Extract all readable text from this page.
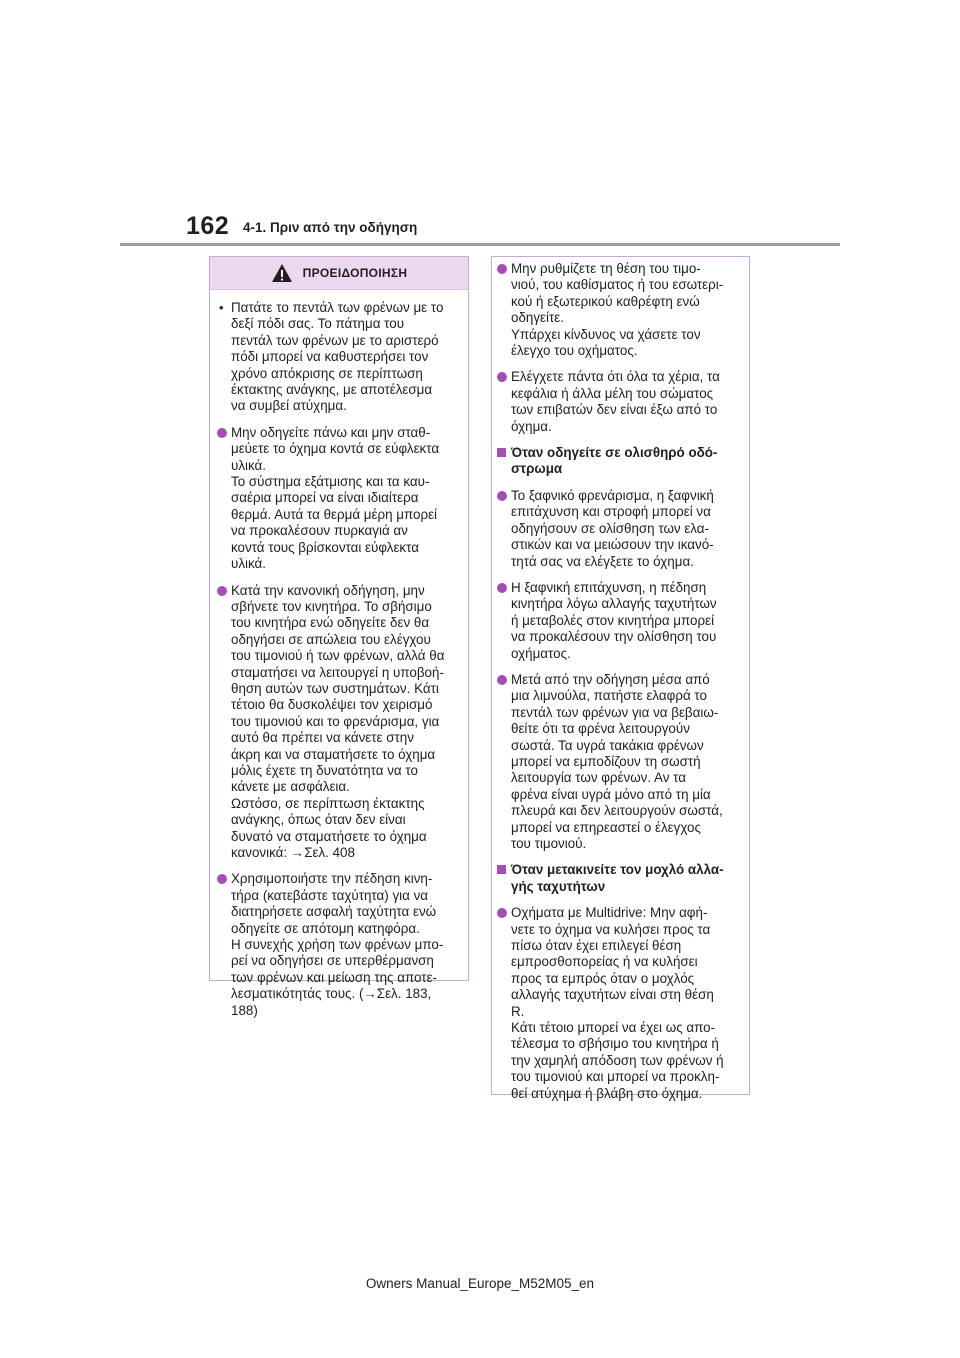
162 4-1. Πριν από την οδήγηση
ΠΡΟΕΙΔΟΠΟΙΗΣΗ
• Πατάτε το πεντάλ των φρένων με το
δεξί πόδι σας. Το πάτημα του
πεντάλ των φρένων με το αριστερό
πόδι μπορεί να καθυστερήσει τον
χρόνο απόκρισης σε περίπτωση
έκτακτης ανάγκης, με αποτέλεσμα
να συμβεί ατύχημα.
Μην οδηγείτε πάνω και μην σταθ-
μεύετε το όχημα κοντά σε εύφλεκτα
υλικά.
Το σύστημα εξάτμισης και τα καυ-
σαέρια μπορεί να είναι ιδιαίτερα
θερμά. Αυτά τα θερμά μέρη μπορεί
να προκαλέσουν πυρκαγιά αν
κοντά τους βρίσκονται εύφλεκτα
υλικά.
Κατά την κανονική οδήγηση, μην
σβήνετε τον κινητήρα. Το σβήσιμο
του κινητήρα ενώ οδηγείτε δεν θα
οδηγήσει σε απώλεια του ελέγχου
του τιμονιού ή των φρένων, αλλά θα
σταματήσει να λειτουργεί η υποβοή-
θηση αυτών των συστημάτων. Κάτι
τέτοιο θα δυσκολέψει τον χειρισμό
του τιμονιού και το φρενάρισμα, για
αυτό θα πρέπει να κάνετε στην
άκρη και να σταματήσετε το όχημα
μόλις έχετε τη δυνατότητα να το
κάνετε με ασφάλεια.
Ωστόσο, σε περίπτωση έκτακτης
ανάγκης, όπως όταν δεν είναι
δυνατό να σταματήσετε το όχημα
κανονικά: →Σελ. 408
Χρησιμοποιήστε την πέδηση κινη-
τήρα (κατεβάστε ταχύτητα) για να
διατηρήσετε ασφαλή ταχύτητα ενώ
οδηγείτε σε απότομη κατηφόρα.
Η συνεχής χρήση των φρένων μπο-
ρεί να οδηγήσει σε υπερθέρμανση
των φρένων και μείωση της αποτε-
λεσματικότητάς τους. (→Σελ. 183,
188)
Μην ρυθμίζετε τη θέση του τιμο-
νιού, του καθίσματος ή του εσωτερι-
κού ή εξωτερικού καθρέφτη ενώ
οδηγείτε.
Υπάρχει κίνδυνος να χάσετε τον
έλεγχο του οχήματος.
Ελέγχετε πάντα ότι όλα τα χέρια, τα
κεφάλια ή άλλα μέλη του σώματος
των επιβατών δεν είναι έξω από το
όχημα.
Όταν οδηγείτε σε ολισθηρό οδό-
στρωμα
Το ξαφνικό φρενάρισμα, η ξαφνική
επιτάχυνση και στροφή μπορεί να
οδηγήσουν σε ολίσθηση των ελα-
στικών και να μειώσουν την ικανό-
τητά σας να ελέγξετε το όχημα.
Η ξαφνική επιτάχυνση, η πέδηση
κινητήρα λόγω αλλαγής ταχυτήτων
ή μεταβολές στον κινητήρα μπορεί
να προκαλέσουν την ολίσθηση του
οχήματος.
Μετά από την οδήγηση μέσα από
μια λιμνούλα, πατήστε ελαφρά το
πεντάλ των φρένων για να βεβαιω-
θείτε ότι τα φρένα λειτουργούν
σωστά. Τα υγρά τακάκια φρένων
μπορεί να εμποδίζουν τη σωστή
λειτουργία των φρένων. Αν τα
φρένα είναι υγρά μόνο από τη μία
πλευρά και δεν λειτουργούν σωστά,
μπορεί να επηρεαστεί ο έλεγχος
του τιμονιού.
Όταν μετακινείτε τον μοχλό αλλα-
γής ταχυτήτων
Οχήματα με Multidrive: Μην αφή-
νετε το όχημα να κυλήσει προς τα
πίσω όταν έχει επιλεγεί θέση
εμπροσθοπορείας ή να κυλήσει
προς τα εμπρός όταν ο μοχλός
αλλαγής ταχυτήτων είναι στη θέση
R.
Κάτι τέτοιο μπορεί να έχει ως απο-
τέλεσμα το σβήσιμο του κινητήρα ή
την χαμηλή απόδοση των φρένων ή
του τιμονιού και μπορεί να προκλη-
θεί ατύχημα ή βλάβη στο όχημα.
Owners Manual_Europe_M52M05_en
